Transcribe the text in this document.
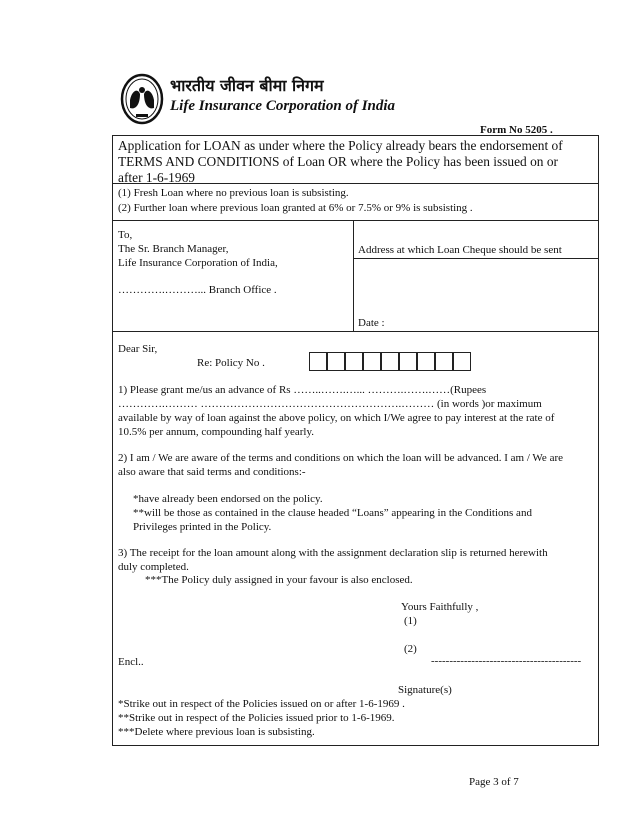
भारतीय जीवन बीमा निगम
Life Insurance Corporation of India
Form No 5205 .
Application for LOAN as under where the Policy already bears the endorsement of
TERMS AND CONDITIONS of Loan OR where the Policy has been issued on or
after 1-6-1969
(1) Fresh Loan where no previous loan is subsisting.
(2) Further loan where previous loan granted at 6% or 7.5% or 9% is subsisting .
To,
The Sr. Branch Manager,
Life Insurance Corporation of India,
………….………... Branch Office .
Address at which Loan Cheque should be sent
Date :
Dear Sir,
Re: Policy No .
1) Please grant me/us an advance of Rs ……..…….…... ……….…….……(Rupees
………….……… ……………………………………………….……… (in words )or maximum
available by way of loan against the above policy, on which I/We agree to pay interest at the rate of
10.5% per annum, compounding half yearly.
2) I am / We are aware of the terms and conditions on which the loan will be advanced. I am / We are
also aware that said terms and conditions:-
*have already been endorsed on the policy.
**will be those as contained in the clause headed “Loans” appearing in the Conditions and
Privileges printed in the Policy.
3) The receipt for the loan amount along with the assignment declaration slip is returned herewith
duly completed.
***The Policy duly assigned in your favour is also enclosed.
Yours Faithfully ,
(1)
(2)
Encl..	-----------------------------------------
Signature(s)
*Strike out in respect of the Policies issued on or after 1-6-1969 .
**Strike out in respect of the Policies issued prior to 1-6-1969.
***Delete where previous loan is subsisting.
Page 3 of 7
